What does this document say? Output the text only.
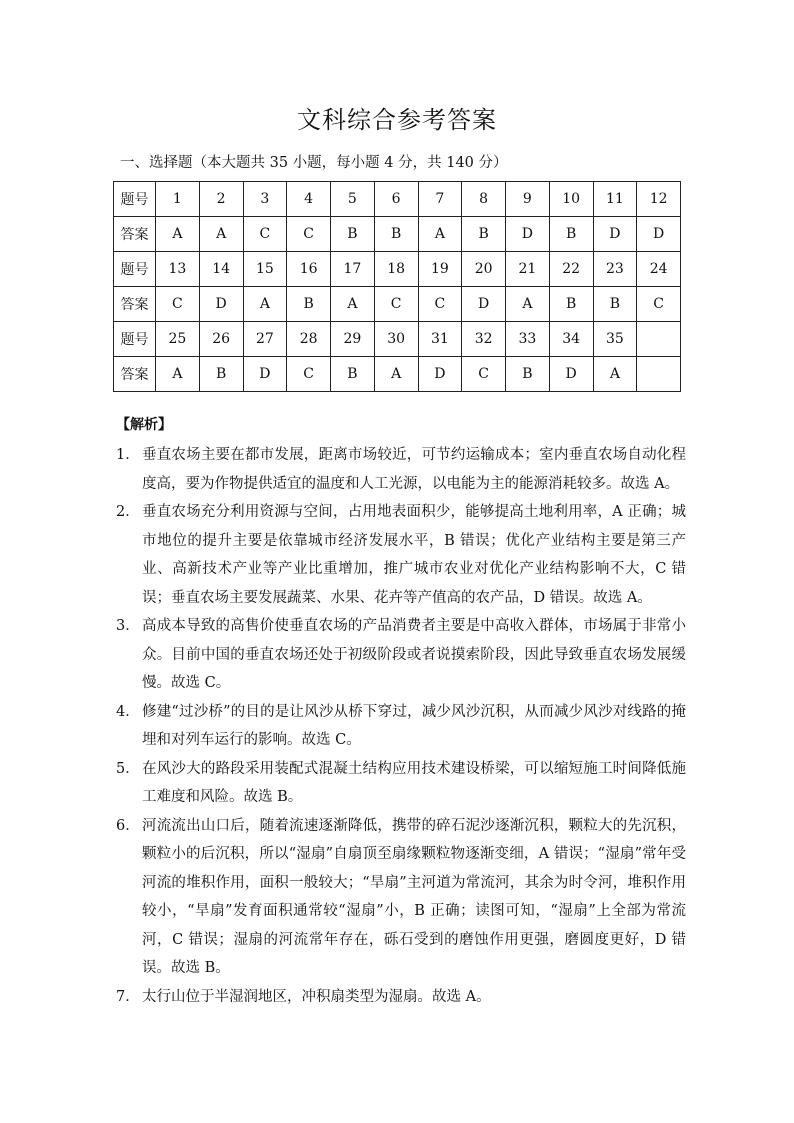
文科综合参考答案

一、选择题（本大题共 35 小题，每小题 4 分，共 140 分）

题号	1	2	3	4	5	6	7	8	9	10	11	12
答案	A	A	C	C	B	B	A	B	D	B	D	D
题号	13	14	15	16	17	18	19	20	21	22	23	24
答案	C	D	A	B	A	C	C	D	A	B	B	C
题号	25	26	27	28	29	30	31	32	33	34	35	
答案	A	B	D	C	B	A	D	C	B	D	A	

【解析】

1． 垂直农场主要在都市发展，距离市场较近，可节约运输成本；室内垂直农场自动化程度高，要为作物提供适宜的温度和人工光源，以电能为主的能源消耗较多。故选 A。
2． 垂直农场充分利用资源与空间，占用地表面积少，能够提高土地利用率，A 正确；城市地位的提升主要是依靠城市经济发展水平，B 错误；优化产业结构主要是第三产业、高新技术产业等产业比重增加，推广城市农业对优化产业结构影响不大，C 错误；垂直农场主要发展蔬菜、水果、花卉等产值高的农产品，D 错误。故选 A。
3． 高成本导致的高售价使垂直农场的产品消费者主要是中高收入群体，市场属于非常小众。目前中国的垂直农场还处于初级阶段或者说摸索阶段，因此导致垂直农场发展缓慢。故选 C。
4． 修建“过沙桥”的目的是让风沙从桥下穿过，减少风沙沉积，从而减少风沙对线路的掩埋和对列车运行的影响。故选 C。
5． 在风沙大的路段采用装配式混凝土结构应用技术建设桥梁，可以缩短施工时间降低施工难度和风险。故选 B。
6． 河流流出山口后，随着流速逐渐降低，携带的碎石泥沙逐渐沉积，颗粒大的先沉积，颗粒小的后沉积，所以“湿扇”自扇顶至扇缘颗粒物逐渐变细，A 错误；“湿扇”常年受河流的堆积作用，面积一般较大；“旱扇”主河道为常流河，其余为时令河，堆积作用较小，“旱扇”发育面积通常较“湿扇”小，B 正确；读图可知，“湿扇”上全部为常流河，C 错误；湿扇的河流常年存在，砾石受到的磨蚀作用更强，磨圆度更好，D 错误。故选 B。
7． 太行山位于半湿润地区，冲积扇类型为湿扇。故选 A。
